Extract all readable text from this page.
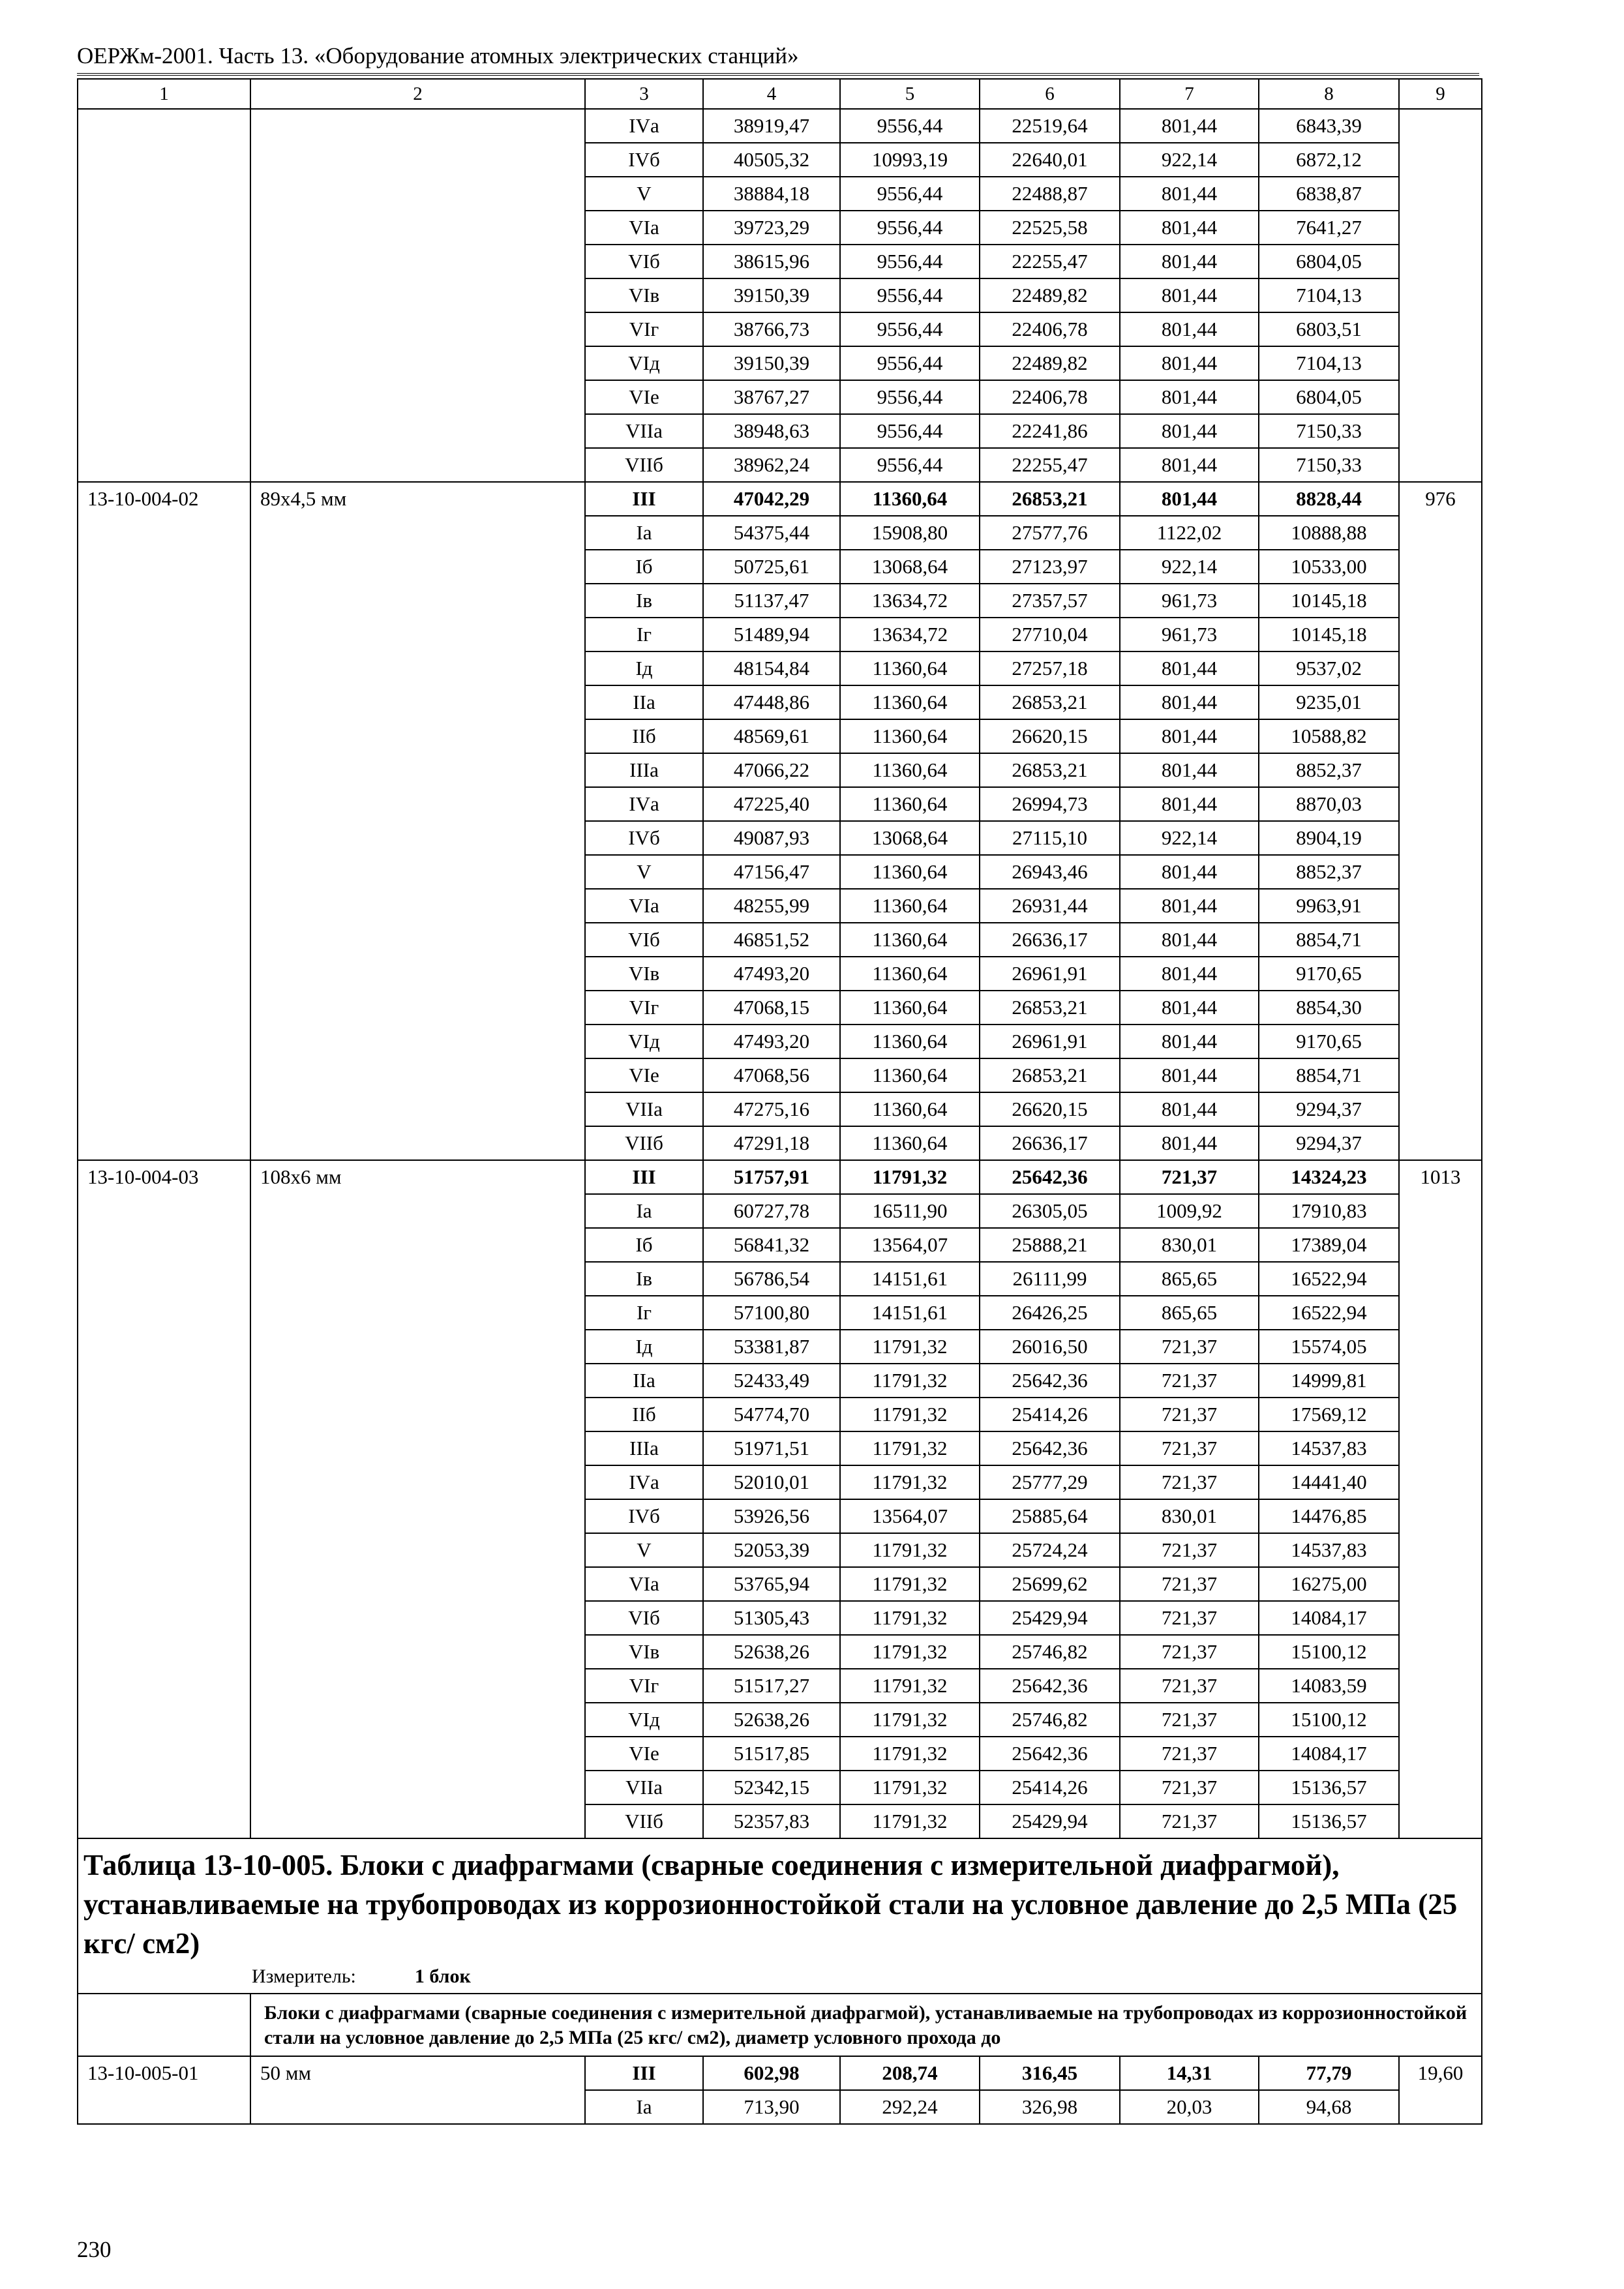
ОЕРЖм-2001. Часть 13. «Оборудование атомных электрических станций»
1	2	3	4	5	6	7	8	9
		IVа	38919,47	9556,44	22519,64	801,44	6843,39	
		IVб	40505,32	10993,19	22640,01	922,14	6872,12	
		V	38884,18	9556,44	22488,87	801,44	6838,87	
		VIа	39723,29	9556,44	22525,58	801,44	7641,27	
		VIб	38615,96	9556,44	22255,47	801,44	6804,05	
		VIв	39150,39	9556,44	22489,82	801,44	7104,13	
		VIг	38766,73	9556,44	22406,78	801,44	6803,51	
		VIд	39150,39	9556,44	22489,82	801,44	7104,13	
		VIе	38767,27	9556,44	22406,78	801,44	6804,05	
		VIIа	38948,63	9556,44	22241,86	801,44	7150,33	
		VIIб	38962,24	9556,44	22255,47	801,44	7150,33	
13-10-004-02	89х4,5 мм	III	47042,29	11360,64	26853,21	801,44	8828,44	976
		Iа	54375,44	15908,80	27577,76	1122,02	10888,88	
		Iб	50725,61	13068,64	27123,97	922,14	10533,00	
		Iв	51137,47	13634,72	27357,57	961,73	10145,18	
		Iг	51489,94	13634,72	27710,04	961,73	10145,18	
		Iд	48154,84	11360,64	27257,18	801,44	9537,02	
		IIа	47448,86	11360,64	26853,21	801,44	9235,01	
		IIб	48569,61	11360,64	26620,15	801,44	10588,82	
		IIIа	47066,22	11360,64	26853,21	801,44	8852,37	
		IVа	47225,40	11360,64	26994,73	801,44	8870,03	
		IVб	49087,93	13068,64	27115,10	922,14	8904,19	
		V	47156,47	11360,64	26943,46	801,44	8852,37	
		VIа	48255,99	11360,64	26931,44	801,44	9963,91	
		VIб	46851,52	11360,64	26636,17	801,44	8854,71	
		VIв	47493,20	11360,64	26961,91	801,44	9170,65	
		VIг	47068,15	11360,64	26853,21	801,44	8854,30	
		VIд	47493,20	11360,64	26961,91	801,44	9170,65	
		VIе	47068,56	11360,64	26853,21	801,44	8854,71	
		VIIа	47275,16	11360,64	26620,15	801,44	9294,37	
		VIIб	47291,18	11360,64	26636,17	801,44	9294,37	
13-10-004-03	108х6 мм	III	51757,91	11791,32	25642,36	721,37	14324,23	1013
		Iа	60727,78	16511,90	26305,05	1009,92	17910,83	
		Iб	56841,32	13564,07	25888,21	830,01	17389,04	
		Iв	56786,54	14151,61	26111,99	865,65	16522,94	
		Iг	57100,80	14151,61	26426,25	865,65	16522,94	
		Iд	53381,87	11791,32	26016,50	721,37	15574,05	
		IIа	52433,49	11791,32	25642,36	721,37	14999,81	
		IIб	54774,70	11791,32	25414,26	721,37	17569,12	
		IIIа	51971,51	11791,32	25642,36	721,37	14537,83	
		IVа	52010,01	11791,32	25777,29	721,37	14441,40	
		IVб	53926,56	13564,07	25885,64	830,01	14476,85	
		V	52053,39	11791,32	25724,24	721,37	14537,83	
		VIа	53765,94	11791,32	25699,62	721,37	16275,00	
		VIб	51305,43	11791,32	25429,94	721,37	14084,17	
		VIв	52638,26	11791,32	25746,82	721,37	15100,12	
		VIг	51517,27	11791,32	25642,36	721,37	14083,59	
		VIд	52638,26	11791,32	25746,82	721,37	15100,12	
		VIе	51517,85	11791,32	25642,36	721,37	14084,17	
		VIIа	52342,15	11791,32	25414,26	721,37	15136,57	
		VIIб	52357,83	11791,32	25429,94	721,37	15136,57	

Таблица 13-10-005. Блоки с диафрагмами (сварные соединения с измерительной диафрагмой), устанавливаемые на трубопроводах из коррозионностойкой стали на условное давление до 2,5 МПа (25 кгс/ см2)
Измеритель: 1 блок								

	Блоки с диафрагмами (сварные соединения с измерительной диафрагмой), устанавливаемые на трубопроводах из коррозионностойкой стали на условное давление до 2,5 МПа (25 кгс/ см2), диаметр условного прохода до							
13-10-005-01	50 мм	III	602,98	208,74	316,45	14,31	77,79	19,60
		Iа	713,90	292,24	326,98	20,03	94,68	
230
